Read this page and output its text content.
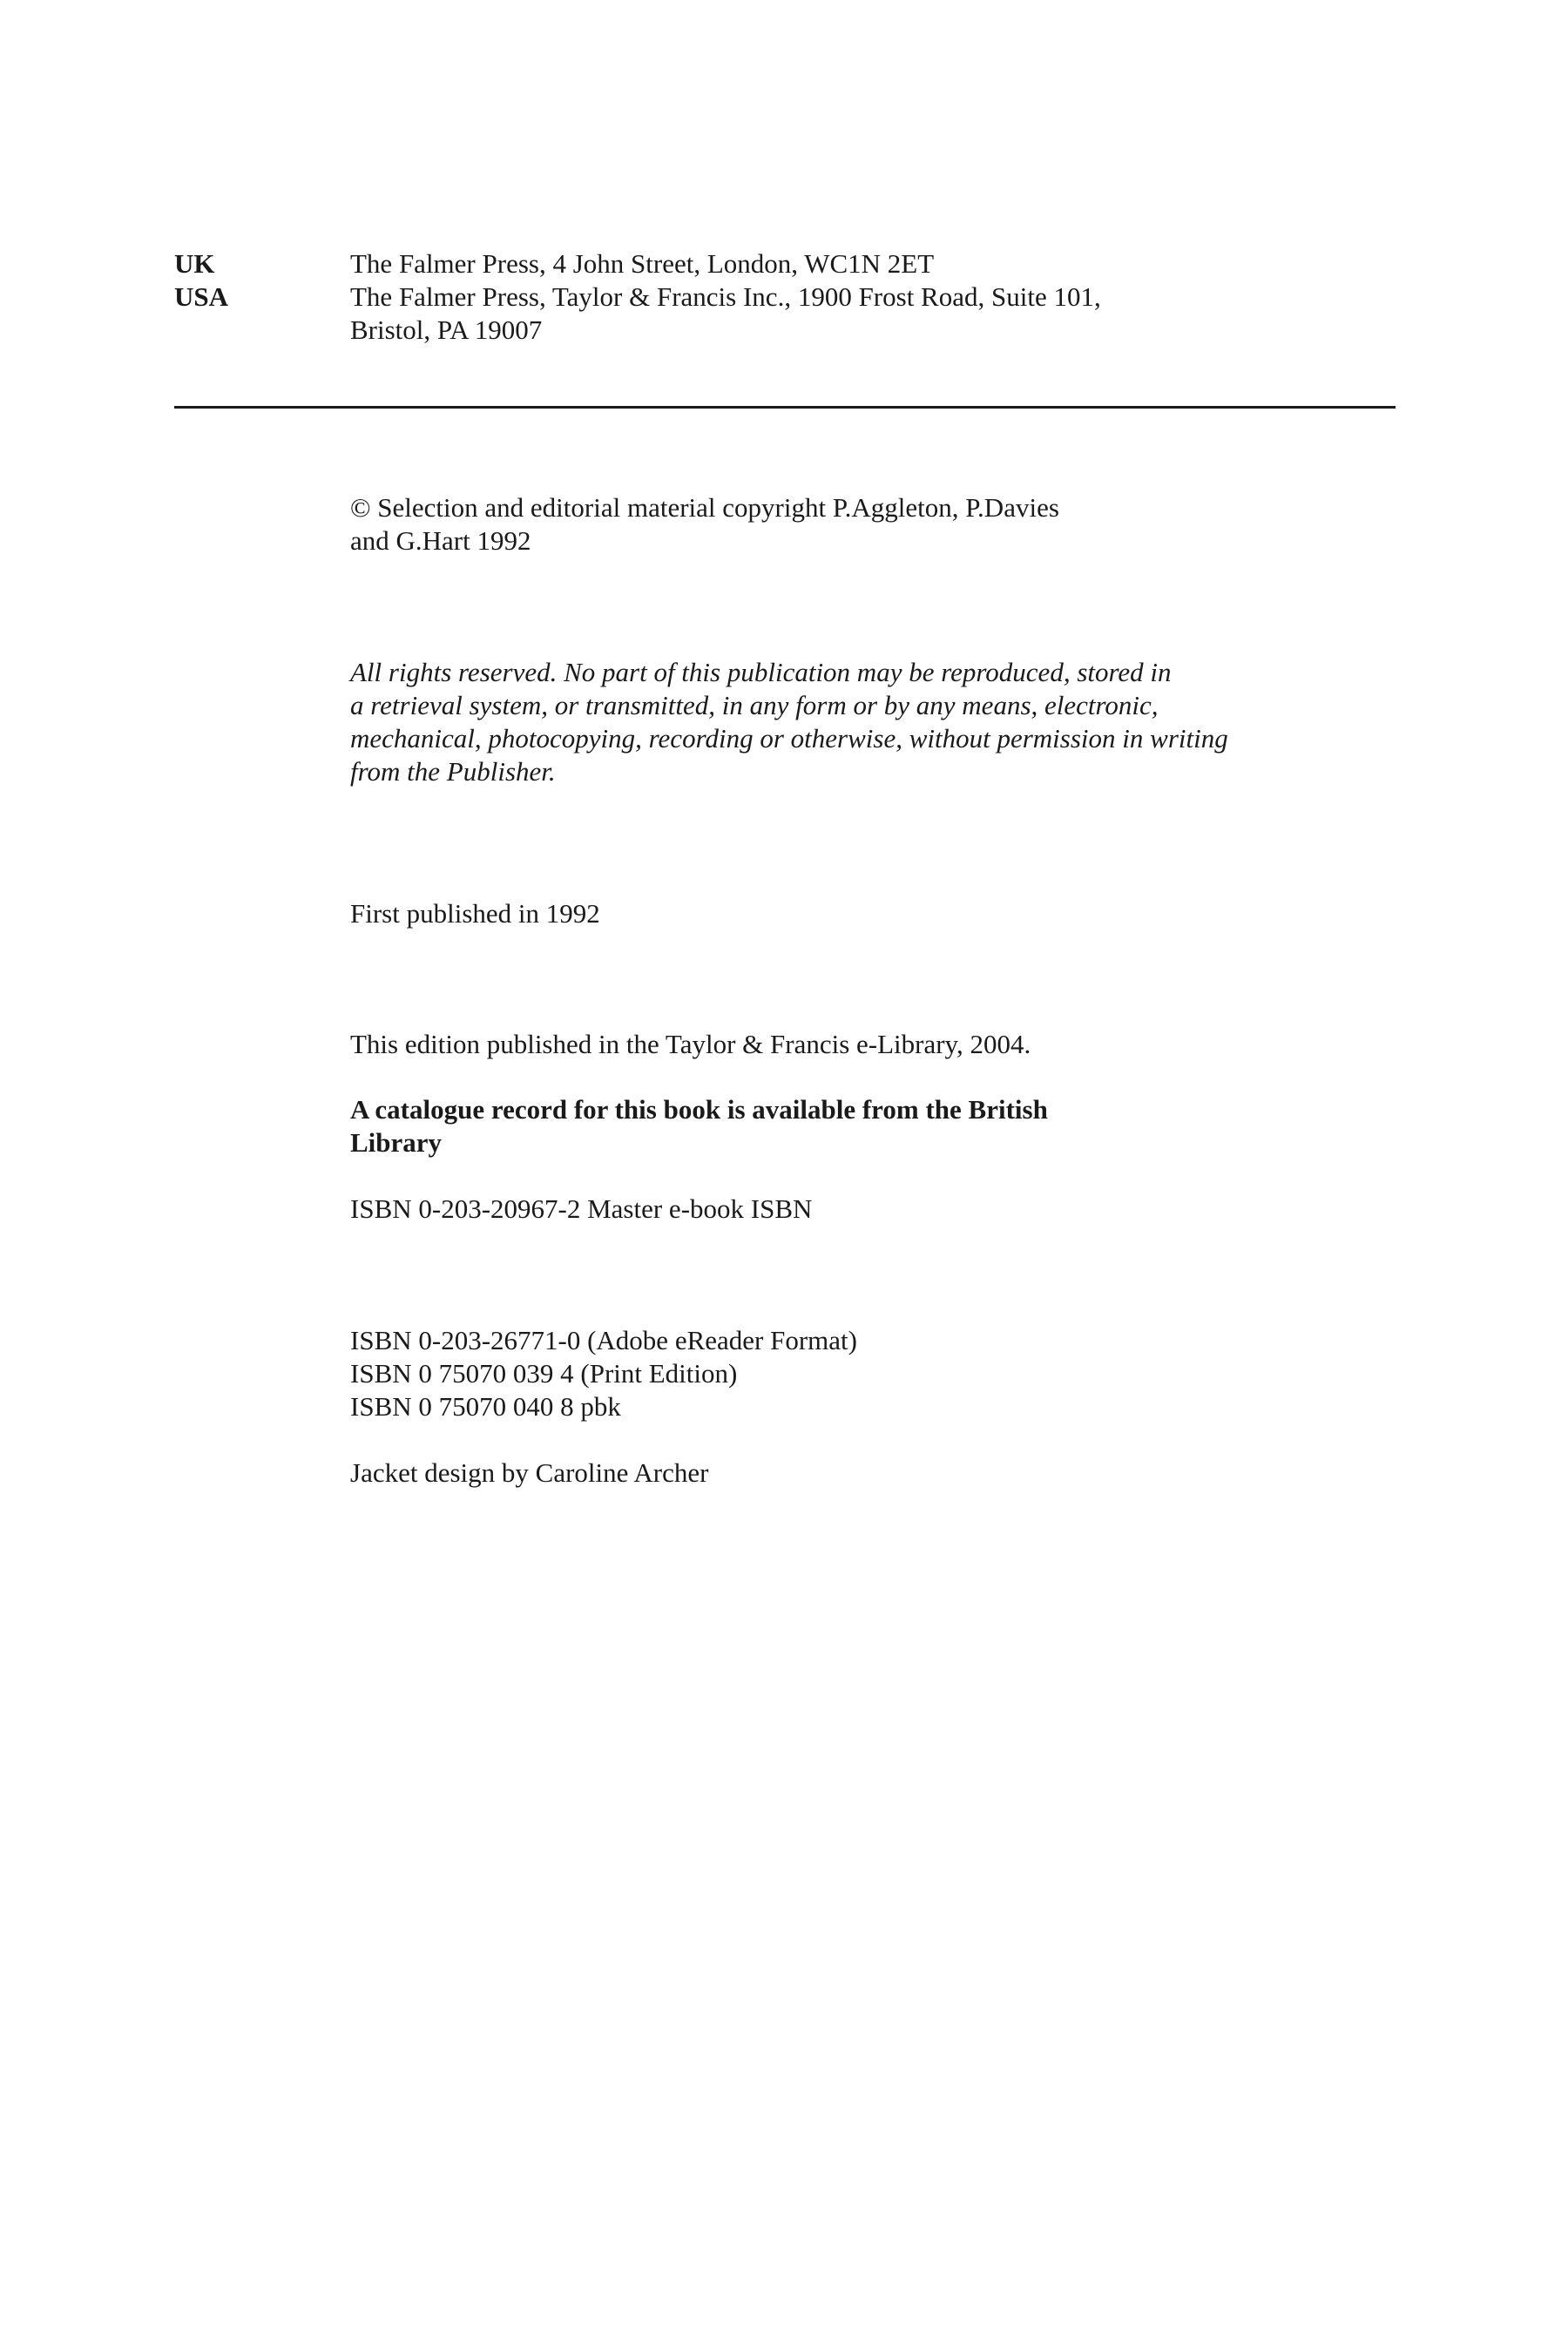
UK	The Falmer Press, 4 John Street, London, WC1N 2ET
USA	The Falmer Press, Taylor & Francis Inc., 1900 Frost Road, Suite 101,
Bristol, PA 19007
© Selection and editorial material copyright P.Aggleton, P.Davies
and G.Hart 1992
All rights reserved. No part of this publication may be reproduced, stored in
a retrieval system, or transmitted, in any form or by any means, electronic,
mechanical, photocopying, recording or otherwise, without permission in writing
from the Publisher.
First published in 1992
This edition published in the Taylor & Francis e-Library, 2004.
A catalogue record for this book is available from the British
Library
ISBN 0-203-20967-2 Master e-book ISBN
ISBN 0-203-26771-0 (Adobe eReader Format)
ISBN 0 75070 039 4 (Print Edition)
ISBN 0 75070 040 8 pbk
Jacket design by Caroline Archer
